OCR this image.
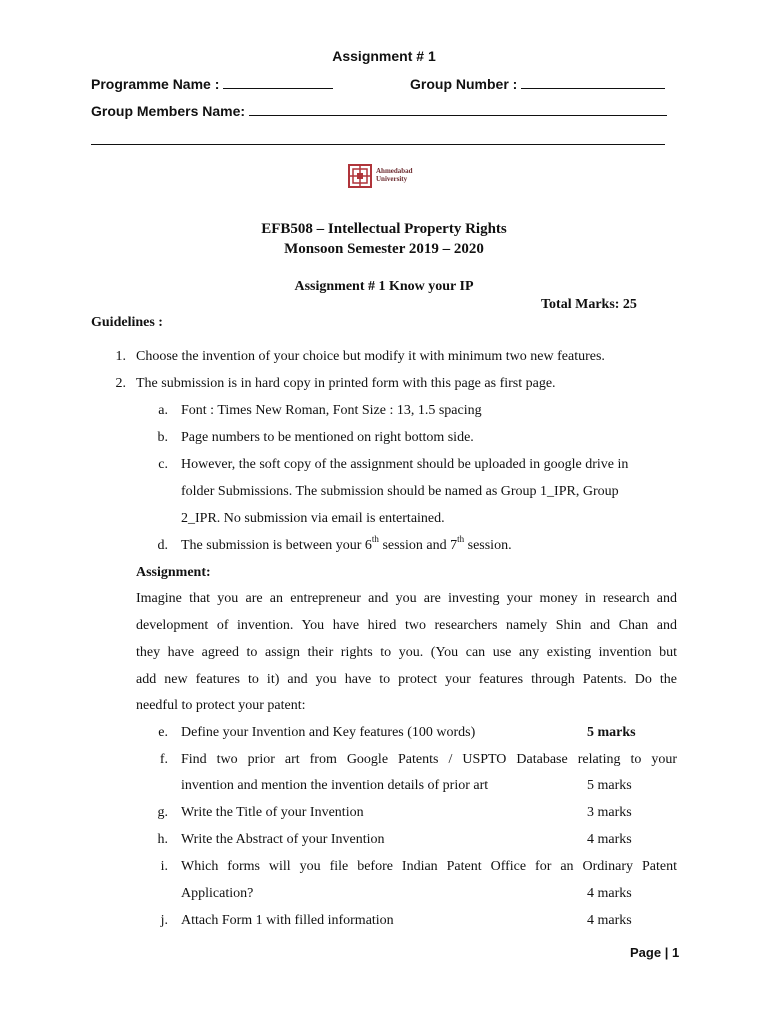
Assignment # 1
Programme Name :	Group Number :
Group Members Name:
Ahmedabad
University
EFB508 – Intellectual Property Rights
Monsoon Semester 2019 – 2020
Assignment # 1 Know your IP
Total Marks: 25
Guidelines :
1. Choose the invention of your choice but modify it with minimum two new features.
2. The submission is in hard copy in printed form with this page as first page.
a. Font : Times New Roman, Font Size : 13, 1.5 spacing
b. Page numbers to be mentioned on right bottom side.
c. However, the soft copy of the assignment should be uploaded in google drive in
folder Submissions. The submission should be named as Group 1_IPR, Group
2_IPR. No submission via email is entertained.
d. The submission is between your 6th session and 7th session.
Assignment:
Imagine that you are an entrepreneur and you are investing your money in research and
development of invention. You have hired two researchers namely Shin and Chan and
they have agreed to assign their rights to you. (You can use any existing invention but
add new features to it) and you have to protect your features through Patents. Do the
needful to protect your patent:
e. Define your Invention and Key features (100 words)	5 marks
f. Find two prior art from Google Patents / USPTO Database relating to your
invention and mention the invention details of prior art	5 marks
g. Write the Title of your Invention	3 marks
h. Write the Abstract of your Invention	4 marks
i. Which forms will you file before Indian Patent Office for an Ordinary Patent
Application?	4 marks
j. Attach Form 1 with filled information	4 marks
Page | 1
